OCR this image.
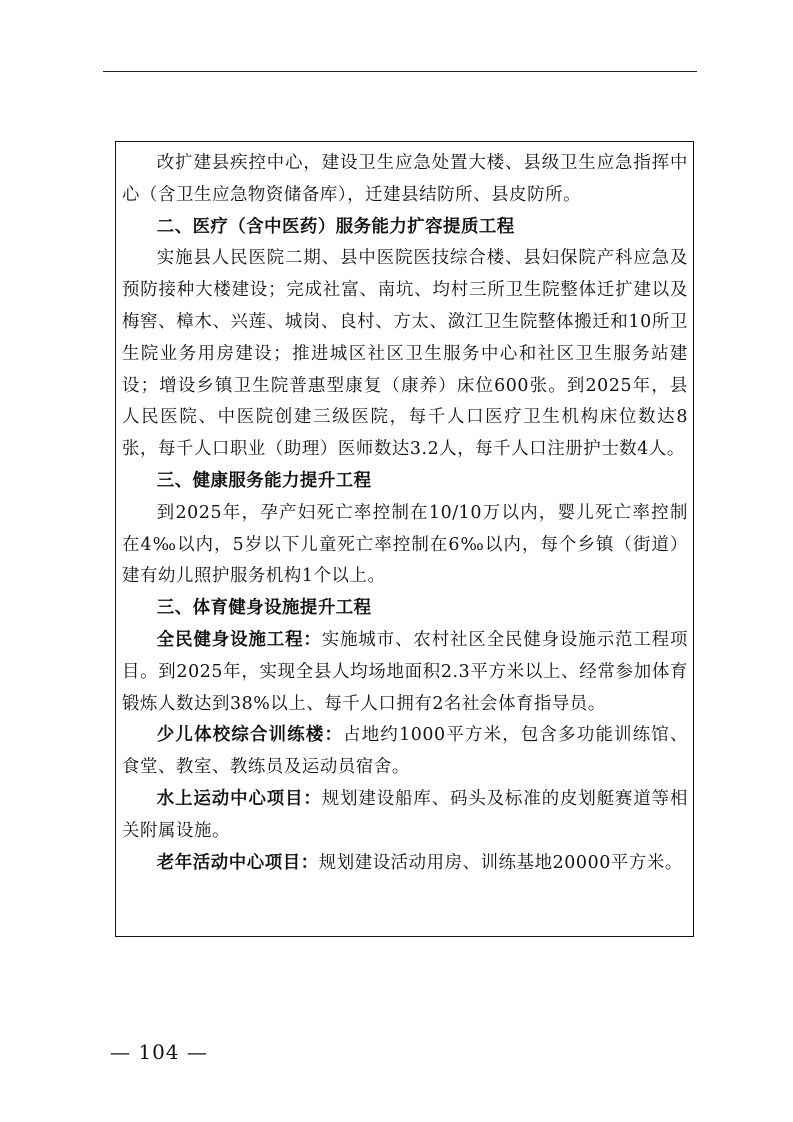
改扩建县疾控中心，建设卫生应急处置大楼、县级卫生应急指挥中心（含卫生应急物资储备库），迁建县结防所、县皮防所。

二、医疗（含中医药）服务能力扩容提质工程

实施县人民医院二期、县中医院医技综合楼、县妇保院产科应急及预防接种大楼建设；完成社富、南坑、均村三所卫生院整体迁扩建以及梅窖、樟木、兴莲、城岗、良村、方太、潋江卫生院整体搬迁和10所卫生院业务用房建设；推进城区社区卫生服务中心和社区卫生服务站建设；增设乡镇卫生院普惠型康复（康养）床位600张。到2025年，县人民医院、中医院创建三级医院，每千人口医疗卫生机构床位数达8张，每千人口职业（助理）医师数达3.2人，每千人口注册护士数4人。

三、健康服务能力提升工程

到2025年，孕产妇死亡率控制在10/10万以内，婴儿死亡率控制在4‰以内，5岁以下儿童死亡率控制在6‰以内，每个乡镇（街道）建有幼儿照护服务机构1个以上。

三、体育健身设施提升工程

全民健身设施工程：实施城市、农村社区全民健身设施示范工程项目。到2025年，实现全县人均场地面积2.3平方米以上、经常参加体育锻炼人数达到38%以上、每千人口拥有2名社会体育指导员。

少儿体校综合训练楼：占地约1000平方米，包含多功能训练馆、食堂、教室、教练员及运动员宿舍。

水上运动中心项目：规划建设船库、码头及标准的皮划艇赛道等相关附属设施。

老年活动中心项目：规划建设活动用房、训练基地20000平方米。

— 104 —
